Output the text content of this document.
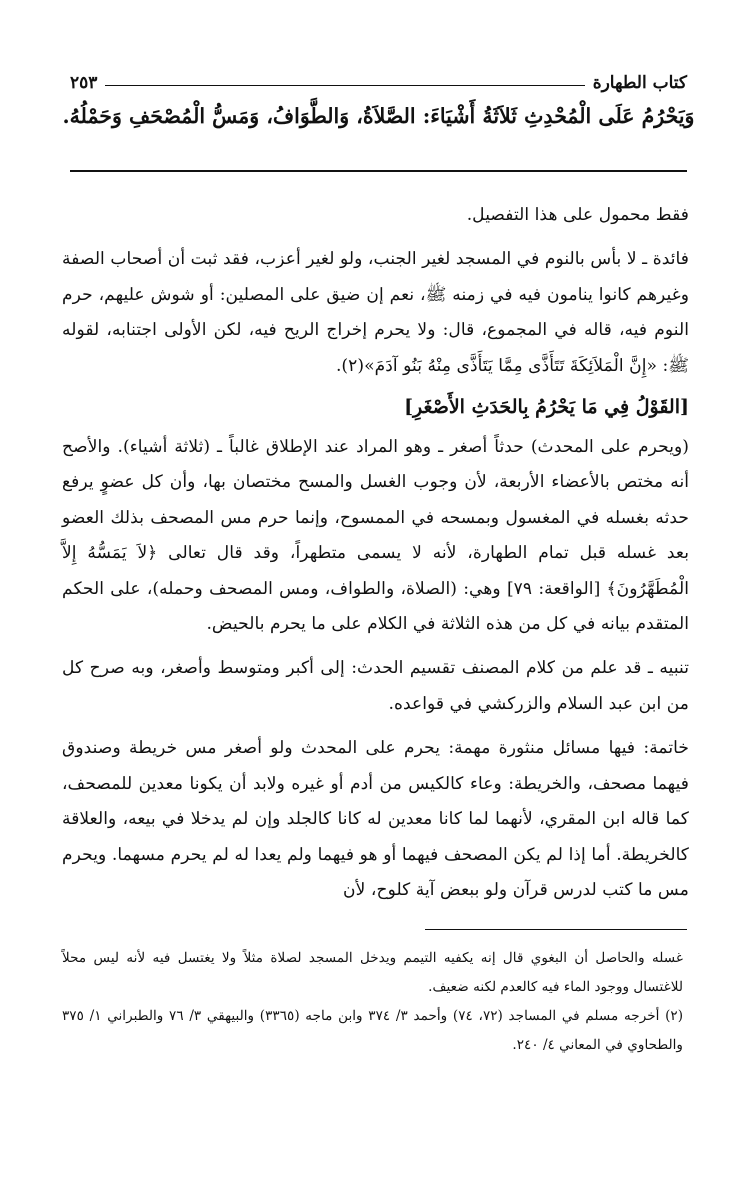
كتاب الطهارة
٢٥٣
وَيَحْرُمُ عَلَى الْمُحْدِثِ ثَلاَثَةُ أَشْيَاءَ: الصَّلاَةُ، وَالطَّوَافُ، وَمَسُّ الْمُصْحَفِ وَحَمْلُهُ.

فقط محمول على هذا التفصيل.

فائدة ـ لا بأس بالنوم في المسجد لغير الجنب، ولو لغير أعزب، فقد ثبت أن أصحاب الصفة وغيرهم كانوا ينامون فيه في زمنه ﷺ، نعم إن ضيق على المصلين: أو شوش عليهم، حرم النوم فيه، قاله في المجموع، قال: ولا يحرم إخراج الريح فيه، لكن الأولى اجتنابه، لقوله ﷺ: «إِنَّ الْمَلاَئِكَةَ تَتَأَذَّى مِمَّا يَتَأَذَّى مِنْهُ بَنُو آدَمَ»(٢).

[القَوْلُ فِي مَا يَحْرُمُ بِالحَدَثِ الأَصْغَرِ]

(ويحرم على المحدث) حدثاً أصغر ـ وهو المراد عند الإطلاق غالباً ـ (ثلاثة أشياء). والأصح أنه مختص بالأعضاء الأربعة، لأن وجوب الغسل والمسح مختصان بها، وأن كل عضوٍ يرفع حدثه بغسله في المغسول وبمسحه في الممسوح، وإنما حرم مس المصحف بذلك العضو بعد غسله قبل تمام الطهارة، لأنه لا يسمى متطهراً، وقد قال تعالى ﴿لاَ يَمَسُّهُ إِلاَّ الْمُطَهَّرُونَ﴾ [الواقعة: ٧٩] وهي: (الصلاة، والطواف، ومس المصحف وحمله)، على الحكم المتقدم بيانه في كل من هذه الثلاثة في الكلام على ما يحرم بالحيض.

تنبيه ـ قد علم من كلام المصنف تقسيم الحدث: إلى أكبر ومتوسط وأصغر، وبه صرح كل من ابن عبد السلام والزركشي في قواعده.

خاتمة: فيها مسائل منثورة مهمة: يحرم على المحدث ولو أصغر مس خريطة وصندوق فيهما مصحف، والخريطة: وعاء كالكيس من أدم أو غيره ولابد أن يكونا معدين للمصحف، كما قاله ابن المقري، لأنهما لما كانا معدين له كانا كالجلد وإن لم يدخلا في بيعه، والعلاقة كالخريطة. أما إذا لم يكن المصحف فيهما أو هو فيهما ولم يعدا له لم يحرم مسهما. ويحرم مس ما كتب لدرس قرآن ولو ببعض آية كلوح، لأن

غسله والحاصل أن البغوي قال إنه يكفيه التيمم ويدخل المسجد لصلاة مثلاً ولا يغتسل فيه لأنه ليس محلاً للاغتسال ووجود الماء فيه كالعدم لكنه ضعيف.

(٢) أخرجه مسلم في المساجد (٧٢، ٧٤) وأحمد ٣/ ٣٧٤ وابن ماجه (٣٣٦٥) والبيهقي ٣/ ٧٦ والطبراني ١/ ٣٧٥ والطحاوي في المعاني ٤/ ٢٤٠.
